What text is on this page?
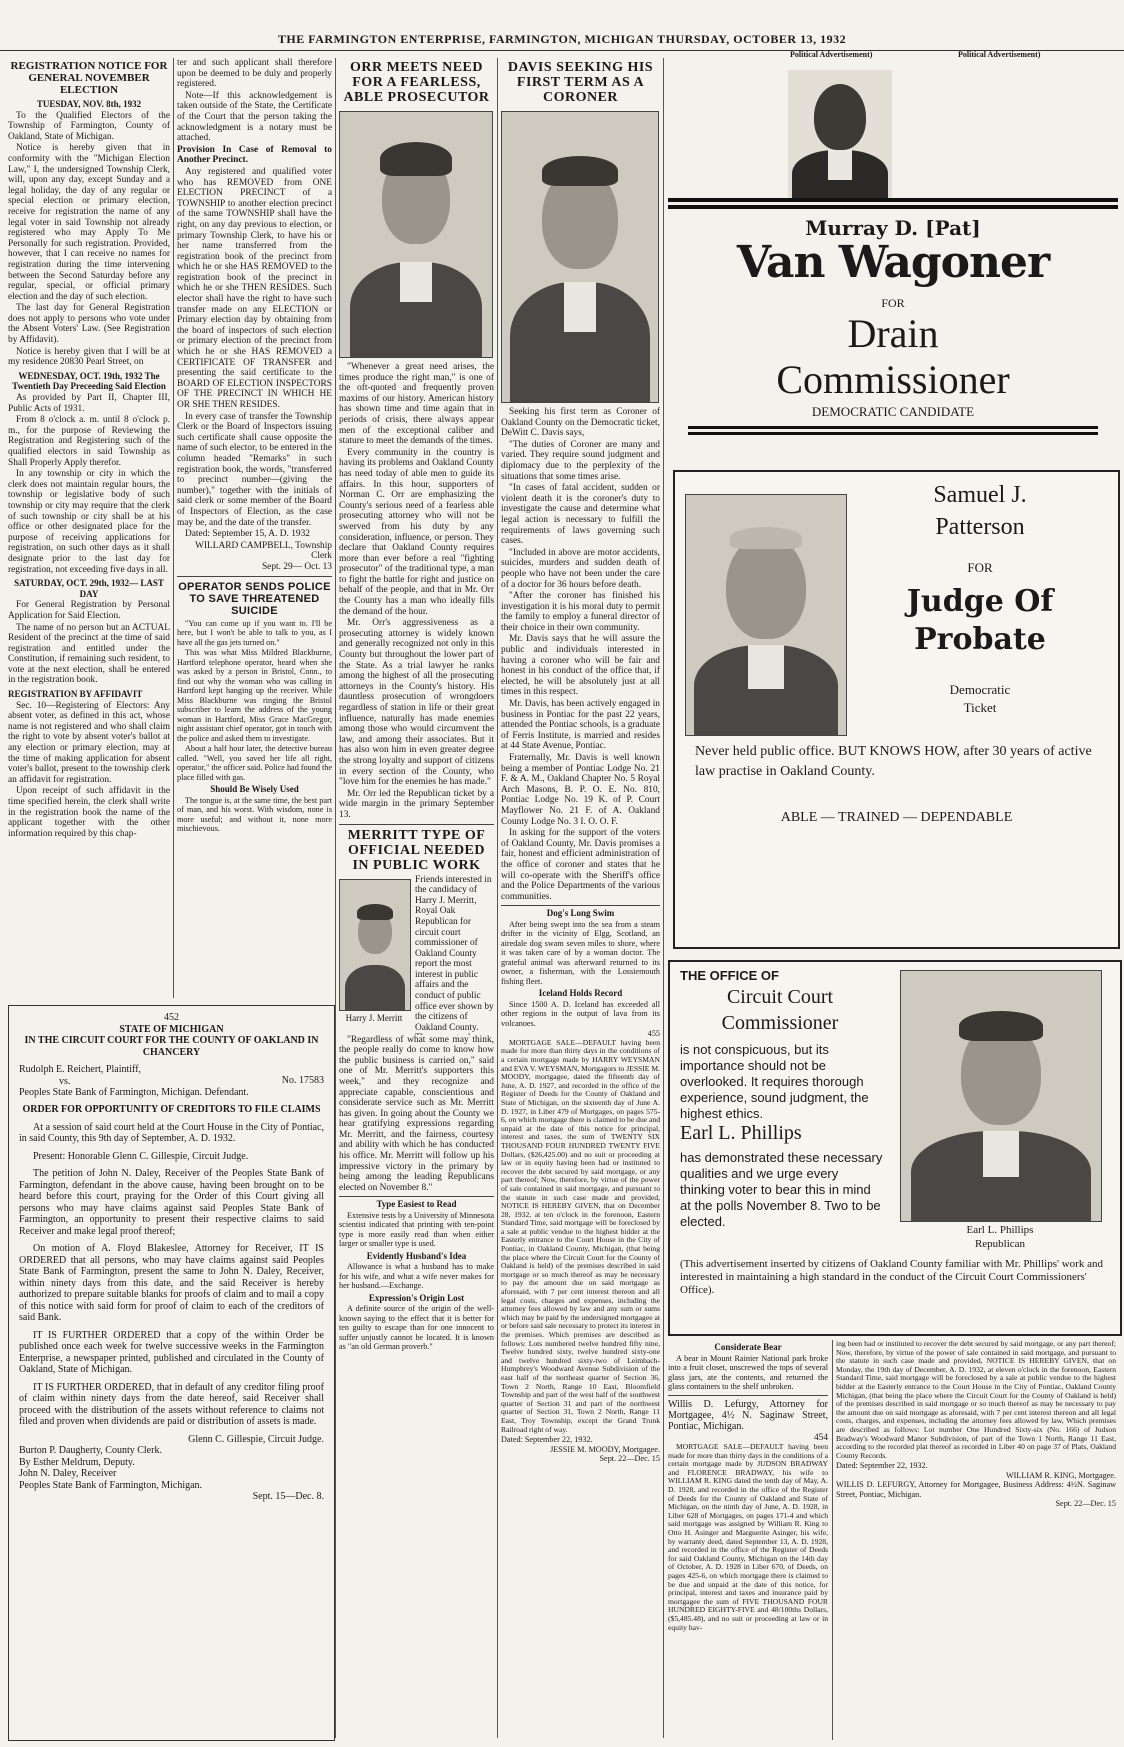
THE FARMINGTON ENTERPRISE, FARMINGTON, MICHIGAN THURSDAY, OCTOBER 13, 1932
Political Advertisement)	Political Advertisement)
REGISTRATION NOTICE FOR GENERAL NOVEMBER ELECTION
TUESDAY, NOV. 8th, 1932

To the Qualified Electors of the Township of Farmington, County of Oakland, State of Michigan.

Notice is hereby given that in conformity with the "Michigan Election Law," I, the undersigned Township Clerk, will, upon any day, except Sunday and a legal holiday, the day of any regular or special election or primary election, receive for registration the name of any legal voter in said Township not already registered who may Apply To Me Personally for such registration. Provided, however, that I can receive no names for registration during the time intervening between the Second Saturday before any regular, special, or official primary election and the day of such election.

The last day for General Registration does not apply to persons who vote under the Absent Voters' Law. (See Registration by Affidavit).

Notice is hereby given that I will be at my residence 20830 Pearl Street, on

WEDNESDAY, OCT. 19th, 1932 The Twentieth Day Preceeding Said Election

As provided by Part II, Chapter III, Public Acts of 1931.

From 8 o'clock a. m. until 8 o'clock p. m., for the purpose of Reviewing the Registration and Registering such of the qualified electors in said Township as Shall Properly Apply therefor.

In any township or city in which the clerk does not maintain regular hours, the township or legislative body of such township or city may require that the clerk of such township or city shall be at his office or other designated place for the purpose of receiving applications for registration, on such other days as it shall designate prior to the last day for registration, not exceeding five days in all.

SATURDAY, OCT. 29th, 1932— LAST DAY

For General Registration by Personal Application for Said Election.

The name of no person but an ACTUAL Resident of the precinct at the time of said registration and entitled under the Constitution, if remaining such resident, to vote at the next election, shall be entered in the registration book.

REGISTRATION BY AFFIDAVIT

Sec. 10—Registering of Electors: Any absent voter, as defined in this act, whose name is not registered and who shall claim the right to vote by absent voter's ballot at any election or primary election, may at the time of making application for absent voter's ballot, present to the township clerk an affidavit for registration.

Upon receipt of such affidavit in the time specified herein, the clerk shall write in the registration book the name of the applicant together with the other information required by this chap-

ter and such applicant shall therefore upon be deemed to be duly and properly registered.

Note—If this acknowledgement is taken outside of the State, the Certificate of the Court that the person taking the acknowledgment is a notary must be attached.

Provision In Case of Removal to Another Precinct.

Any registered and qualified voter who has REMOVED from ONE ELECTION PRECINCT of a TOWNSHIP to another election precinct of the same TOWNSHIP shall have the right, on any day previous to election, or primary Township Clerk, to have his or her name transferred from the registration book of the precinct from which he or she HAS REMOVED to the registration book of the precinct in which he or she THEN RESIDES. Such elector shall have the right to have such transfer made on any ELECTION or Primary election day by obtaining from the board of inspectors of such election or primary election of the precinct from which he or she HAS REMOVED a CERTIFICATE OF TRANSFER and presenting the said certificate to the BOARD OF ELECTION INSPECTORS OF THE PRECINCT IN WHICH HE OR SHE THEN RESIDES.

In every case of transfer the Township Clerk or the Board of Inspectors issuing such certificate shall cause opposite the name of such elector, to be entered in the column headed "Remarks" in such registration book, the words, "transferred to precinct number—(giving the number)," together with the initials of said clerk or some member of the Board of Inspectors of Election, as the case may be, and the date of the transfer.

Dated: September 15, A. D. 1932

WILLARD CAMPBELL, Township Clerk
Sept. 29— Oct. 13
OPERATOR SENDS POLICE TO SAVE THREATENED SUICIDE

"You can come up if you want to. I'll be here, but I won't be able to talk to you, as I have all the gas jets turned on."

This was what Miss Mildred Blackburne, Hartford telephone operator, heard when she was asked by a person in Bristol, Conn., to find out why the woman who was calling in Hartford kept hanging up the receiver. While Miss Blackburne was ringing the Bristol subscriber to learn the address of the young woman in Hartford, Miss Grace MacGregor, night assistant chief operator, got in touch with the police and asked them to investigate.

About a half hour later, the detective bureau called. "Well, you saved her life all right, operator," the officer said. Police had found the place filled with gas.

Should Be Wisely Used

The tongue is, at the same time, the best part of man, and his worst. With wisdom, none is more useful; and without it, none more mischievous.

452
STATE OF MICHIGAN
IN THE CIRCUIT COURT FOR THE COUNTY OF OAKLAND IN CHANCERY
Rudolph E. Reichert, Plaintiff,
vs.	No. 17583
Peoples State Bank of Farmington, Michigan. Defendant.
ORDER FOR OPPORTUNITY OF CREDITORS TO FILE CLAIMS

At a session of said court held at the Court House in the City of Pontiac, in said County, this 9th day of September, A. D. 1932.

Present: Honorable Glenn C. Gillespie, Circuit Judge.

The petition of John N. Daley, Receiver of the Peoples State Bank of Farmington, defendant in the above cause, having been brought on to be heard before this court, praying for the Order of this Court giving all persons who may have claims against said Peoples State Bank of Farmington, an opportunity to present their respective claims to said Receiver and make legal proof thereof;

On motion of A. Floyd Blakeslee, Attorney for Receiver, IT IS ORDERED that all persons, who may have claims against said Peoples State Bank of Farmington, present the same to John N. Daley, Receiver, within ninety days from this date, and the said Receiver is hereby authorized to prepare suitable blanks for proofs of claim and to mail a copy of this notice with said form for proof of claim to each of the creditors of said Bank.

IT IS FURTHER ORDERED that a copy of the within Order be published once each week for twelve successive weeks in the Farmington Enterprise, a newspaper printed, published and circulated in the County of Oakland, State of Michigan.

IT IS FURTHER ORDERED, that in default of any creditor filing proof of claim within ninety days from the date hereof, said Receiver shall proceed with the distribution of the assets without reference to claims not filed and proven when dividends are paid or distribution of assets is made.

Glenn C. Gillespie, Circuit Judge.
Burton P. Daugherty, County Clerk.
By Esther Meldrum, Deputy.
John N. Daley, Receiver
Peoples State Bank of Farmington, Michigan.
Sept. 15—Dec. 8.
ORR MEETS NEED FOR A FEARLESS, ABLE PROSECUTOR

"Whenever a great need arises, the times produce the right man," is one of the oft-quoted and frequently proven maxims of our history. American history has shown time and time again that in periods of crisis, there always appear men of the exceptional caliber and stature to meet the demands of the times.

Every community in the country is having its problems and Oakland County has need today of able men to guide its affairs. In this hour, supporters of Norman C. Orr are emphasizing the County's serious need of a fearless able prosecuting attorney who will not be swerved from his duty by any consideration, influence, or person. They declare that Oakland County requires more than ever before a real "fighting prosecutor" of the traditional type, a man to fight the battle for right and justice on behalf of the people, and that in Mr. Orr the County has a man who ideally fills the demand of the hour.

Mr. Orr's aggressiveness as a prosecuting attorney is widely known and generally recognized not only in this County but throughout the lower part of the State. As a trial lawyer he ranks among the highest of all the prosecuting attorneys in the County's history. His dauntless prosecution of wrongdoers regardless of station in life or their great influence, naturally has made enemies among those who would circumvent the law, and among their associates. But it has also won him in even greater degree the strong loyalty and support of citizens in every section of the County, who "love him for the enemies he has made."

Mr. Orr led the Republican ticket by a wide margin in the primary September 13.

MERRITT TYPE OF OFFICIAL NEEDED IN PUBLIC WORK
Harry J. Merritt
Friends interested in the candidacy of Harry J. Merritt, Royal Oak Republican for circuit court commissioner of Oakland County report the most interest in public affairs and the conduct of public office ever shown by the citizens of Oakland County.

"Regardless of what some may think, the people really do come to know how the public business is carried on," said one of Mr. Merritt's supporters this week," and they recognize and appreciate capable, conscientious and considerate service such as Mr. Merritt has given. In going about the County we hear gratifying expressions regarding Mr. Merritt, and the fairness, courtesy and ability with which he has conducted his office. Mr. Merritt will follow up his impressive victory in the primary by being among the leading Republicans elected on November 8."

Type Easiest to Read

Extensive tests by a University of Minnesota scientist indicated that printing with ten-point type is more easily read than when either larger or smaller type is used.

Evidently Husband's Idea

Allowance is what a husband has to make for his wife, and what a wife never makes for her husband.—Exchange.

Expression's Origin Lost

A definite source of the origin of the well-known saying to the effect that it is better for ten guilty to escape than for one innocent to suffer unjustly cannot be located. It is known as "an old German proverb."

DAVIS SEEKING HIS FIRST TERM AS A CORONER

Seeking his first term as Coroner of Oakland County on the Democratic ticket, DeWitt C. Davis says,

"The duties of Coroner are many and varied. They require sound judgment and diplomacy due to the perplexity of the situations that some times arise.

"In cases of fatal accident, sudden or violent death it is the coroner's duty to investigate the cause and determine what legal action is necessary to fulfill the requirements of laws governing such cases.

"Included in above are motor accidents, suicides, murders and sudden death of people who have not been under the care of a doctor for 36 hours before death.

"After the coroner has finished his investigation it is his moral duty to permit the family to employ a funeral director of their choice in their own community.

Mr. Davis says that he will assure the public and individuals interested in having a coroner who will be fair and honest in his conduct of the office that, if elected, he will be absolutely just at all times in this respect.

Mr. Davis, has been actively engaged in business in Pontiac for the past 22 years, attended the Pontiac schools, is a graduate of Ferris Institute, is married and resides at 44 State Avenue, Pontiac.

Fraternally, Mr. Davis is well known being a member of Pontiac Lodge No. 21 F. & A. M., Oakland Chapter No. 5 Royal Arch Masons, B. P. O. E. No. 810, Pontiac Lodge No. 19 K. of P. Court Mayflower No. 21 F. of A. Oakland County Lodge No. 3 I. O. O. F.

In asking for the support of the voters of Oakland County, Mr. Davis promises a fair, honest and efficient administration of the office of coroner and states that he will co-operate with the Sheriff's office and the Police Departments of the various communities.

Dog's Long Swim

After being swept into the sea from a steam drifter in the vicinity of Elgg, Scotland, an airedale dog swam seven miles to shore, where it was taken care of by a woman doctor. The grateful animal was afterward returned to its owner, a fisherman, with the Lossiemouth fishing fleet.

Iceland Holds Record

Since 1500 A. D. Iceland has exceeded all other regions in the output of lava from its volcanoes.

455

MORTGAGE SALE—DEFAULT having been made for more than thirty days in the conditions of a certain mortgage made by HARRY WEYSMAN and EVA V. WEYSMAN, Mortgagors to JESSIE M. MOODY, mortgagee, dated the fifteenth day of June, A. D. 1927, and recorded in the office of the Register of Deeds for the County of Oakland and State of Michigan, on the sixteenth day of June A. D. 1927, in Liber 479 of Mortgages, on pages 575-6, on which mortgage there is claimed to be due and unpaid at the date of this notice for principal, interest and taxes, the sum of TWENTY SIX THOUSAND FOUR HUNDRED TWENTY FIVE Dollars, ($26,425.00) and no suit or proceeding at law or in equity having been had or instituted to recover the debt secured by said mortgage, or any part thereof; Now, therefore, by virtue of the power of sale contained in said mortgage, and pursuant to the statute in such case made and provided, NOTICE IS HEREBY GIVEN, that on December 28, 1932, at ten o'clock in the forenoon, Eastern Standard Time, said mortgage will be foreclosed by a sale at public vendue to the highest bidder at the Easterly entrance to the Court House in the City of Pontiac, in Oakland County, Michigan, (that being the place where the Circuit Court for the County of Oakland is held) of the premises described in said mortgage or so much thereof as may be necessary to pay the amount due on said mortgage as aforesaid, with 7 per cent interest thereon and all legal costs, charges and expenses, including the attorney fees allowed by law and any sum or sums which may be paid by the undersigned mortgagee at or before said sale necessary to protect its interest in the premises. Which premises are described as follows: Lots numbered twelve hundred fifty nine, Twelve hundred sixty, twelve hundred sixty-one and twelve hundred sixty-two of Leimbach-Humphrey's Woodward Avenue Subdivision of the east half of the northeast quarter of Section 36, Town 2 North, Range 10 East, Bloomfield Township and part of the west half of the southwest quarter of Section 31 and part of the northwest quarter of Section 31, Town 2 North, Range 11 East, Troy Township, except the Grand Trunk Railroad right of way.

Dated: September 22, 1932.
JESSIE M. MOODY, Mortgagee.
Sept. 22—Dec. 15
Murray D. [Pat]
Van Wagoner
FOR
Drain
Commissioner
DEMOCRATIC CANDIDATE
Samuel J.
Patterson
FOR
Judge Of
Probate
Democratic
Ticket
Never held public office. BUT KNOWS HOW, after 30 years of active law practise in Oakland County.
ABLE — TRAINED — DEPENDABLE
THE OFFICE OF
Circuit Court
Commissioner
is not conspicuous, but its importance should not be overlooked. It requires thorough experience, sound judgment, the highest ethics.
Earl L. Phillips
has demonstrated these necessary qualities and we urge every thinking voter to bear this in mind at the polls November 8. Two to be elected.
Earl L. Phillips
Republican
(This advertisement inserted by citizens of Oakland County familiar with Mr. Phillips' work and interested in maintaining a high standard in the conduct of the Circuit Court Commissioners' Office).
Considerate Bear

A bear in Mount Rainier National park broke into a fruit closet, unscrewed the tops of several glass jars, ate the contents, and returned the glass containers to the shelf unbroken.

Willis D. Lefurgy, Attorney for Mortgagee, 4½ N. Saginaw Street, Pontiac, Michigan.

454

MORTGAGE SALE—DEFAULT having been made for more than thirty days in the conditions of a certain mortgage made by JUDSON BRADWAY and FLORENCE BRADWAY, his wife to WILLIAM R. KING dated the tenth day of May, A. D. 1928, and recorded in the office of the Register of Deeds for the County of Oakland and State of Michigan, on the ninth day of June, A. D. 1928, in Liber 628 of Mortgages, on pages 171-4 and which said mortgage was assigned by William R. King to Otto H. Asinger and Marguerite Asinger, his wife, by warranty deed, dated September 13, A. D. 1928, and recorded in the office of the Register of Deeds for said Oakland County, Michigan on the 14th day of October, A. D. 1928 in Liber 670, of Deeds, on pages 425-6, on which mortgage there is claimed to be due and unpaid at the date of this notice, for principal, interest and taxes and insurance paid by mortgagee the sum of FIVE THOUSAND FOUR HUNDRED EIGHTY-FIVE and 48/100ths Dollars, ($5,485.48), and no suit or proceeding at law or in equity hav-

ing been had or instituted to recover the debt secured by said mortgage, or any part thereof; Now, therefore, by virtue of the power of sale contained in said mortgage, and pursuant to the statute in such case made and provided, NOTICE IS HEREBY GIVEN, that on Monday, the 19th day of December, A. D. 1932, at eleven o'clock in the forenoon, Eastern Standard Time, said mortgage will be foreclosed by a sale at public vendue to the highest bidder at the Easterly entrance to the Court House in the City of Pontiac, Oakland County Michigan, (that being the place where the Circuit Court for the County of Oakland is held) of the premises described in said mortgage or so much thereof as may be necessary to pay the amount due on said mortgage as aforesaid, with 7 per cent interest thereon and all legal costs, charges, and expenses, including the attorney fees allowed by law, Which premises are described as follows: Lot number One Hundred Sixty-six (No. 166) of Judson Bradway's Woodward Manor Subdivision, of part of the Town 1 North, Range 11 East, according to the recorded plat thereof as recorded in Liber 40 on page 37 of Plats, Oakland County Records.

Dated: September 22, 1932.
WILLIAM R. KING, Mortgagee.
WILLIS D. LEFURGY, Attorney for Mortgagee, Business Address: 4½N. Saginaw Street, Pontiac, Michigan.
Sept. 22—Dec. 15
